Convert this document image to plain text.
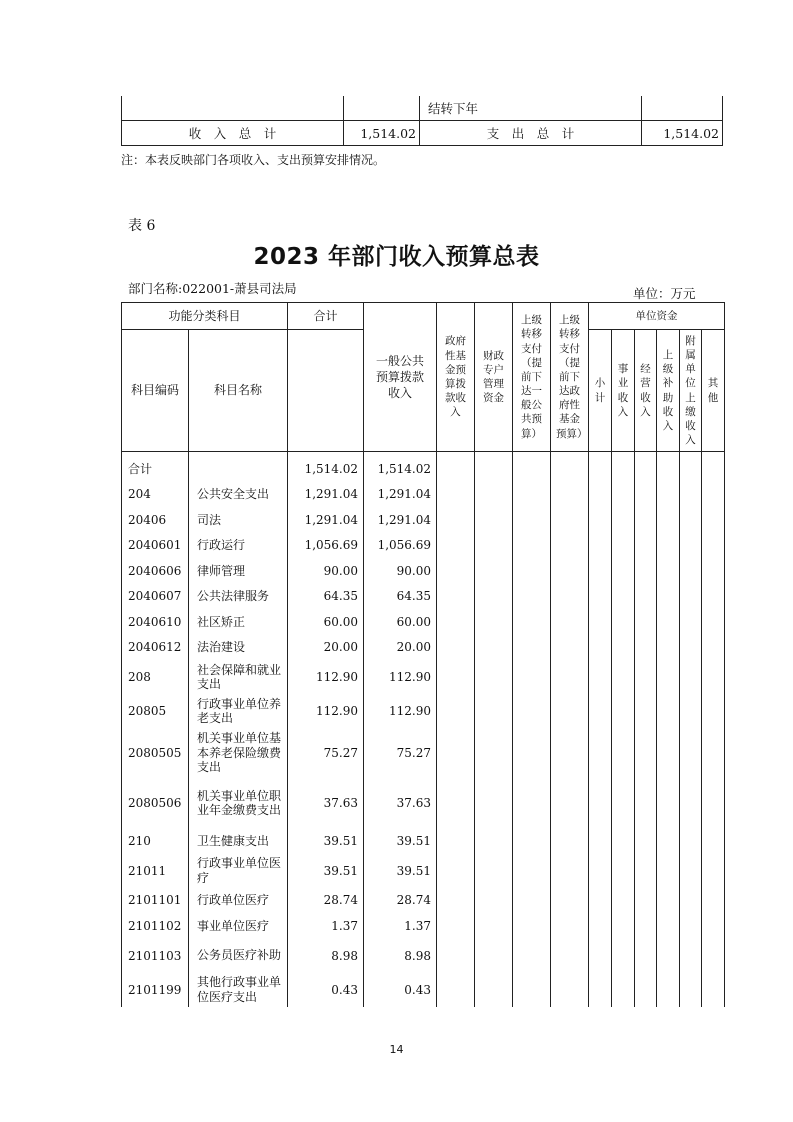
		结转下年	
收　入　总　计	1,514.02	支　出　总　计	1,514.02
注：本表反映部门各项收入、支出预算安排情况。
表 6
2023 年部门收入预算总表
部门名称:022001-萧县司法局	单位：万元
功能分类科目		合计	一般公共预算拨款收入	政府性基金预算拨款收入	财政专户管理资金	上级转移支付（提前下达一般公共预算）	上级转移支付（提前下达政府性基金预算）	单位资金					

科目编码	科目名称							小计	事业收入	经营收入	上级补助收入	附属单位上缴收入	其他
合计		1,514.02	1,514.02										
204	公共安全支出	1,291.04	1,291.04										
20406	司法	1,291.04	1,291.04										
2040601	行政运行	1,056.69	1,056.69										
2040606	律师管理	90.00	90.00										
2040607	公共法律服务	64.35	64.35										
2040610	社区矫正	60.00	60.00										
2040612	法治建设	20.00	20.00										
208	社会保障和就业支出	112.90	112.90										
20805	行政事业单位养老支出	112.90	112.90										
2080505	机关事业单位基本养老保险缴费支出	75.27	75.27										
2080506	机关事业单位职业年金缴费支出	37.63	37.63										
210	卫生健康支出	39.51	39.51										
21011	行政事业单位医疗	39.51	39.51										
2101101	行政单位医疗	28.74	28.74										
2101102	事业单位医疗	1.37	1.37										
2101103	公务员医疗补助	8.98	8.98										
2101199	其他行政事业单位医疗支出	0.43	0.43										
14
